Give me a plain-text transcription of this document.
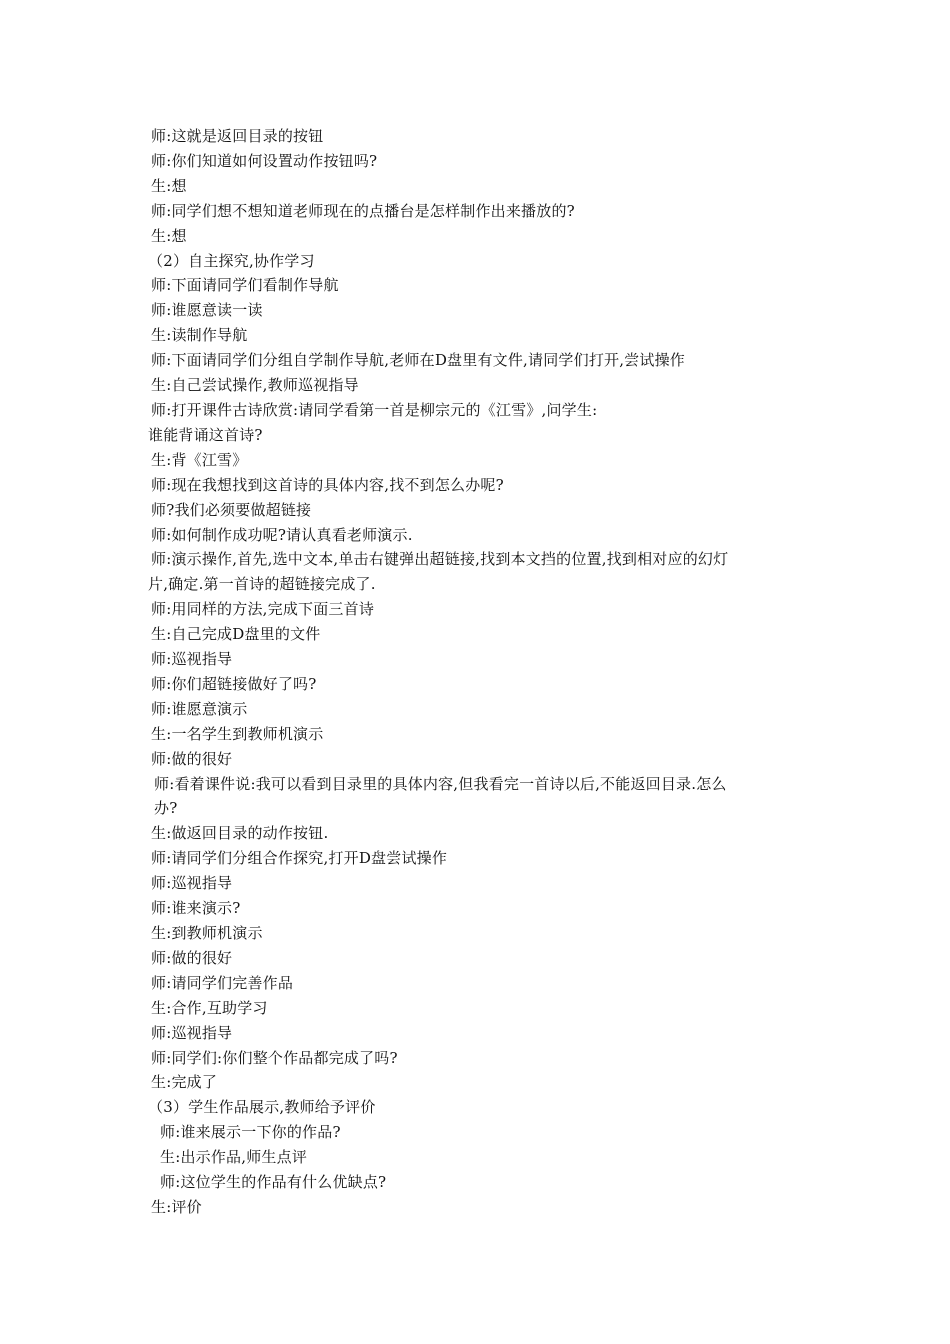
师:这就是返回目录的按钮
师:你们知道如何设置动作按钮吗?
生:想
师:同学们想不想知道老师现在的点播台是怎样制作出来播放的?
生:想
（2）自主探究,协作学习
师:下面请同学们看制作导航
师:谁愿意读一读
生:读制作导航
师:下面请同学们分组自学制作导航,老师在D盘里有文件,请同学们打开,尝试操作
生:自己尝试操作,教师巡视指导
师:打开课件古诗欣赏:请同学看第一首是柳宗元的《江雪》,问学生:
谁能背诵这首诗?
生:背《江雪》
师:现在我想找到这首诗的具体内容,找不到怎么办呢?
师?我们必须要做超链接
师:如何制作成功呢?请认真看老师演示.
师:演示操作,首先,选中文本,单击右键弹出超链接,找到本文挡的位置,找到相对应的幻灯
片,确定.第一首诗的超链接完成了.
师:用同样的方法,完成下面三首诗
生:自己完成D盘里的文件
师:巡视指导
师:你们超链接做好了吗?
师:谁愿意演示
生:一名学生到教师机演示
师:做的很好
师:看着课件说:我可以看到目录里的具体内容,但我看完一首诗以后,不能返回目录.怎么
办?
生:做返回目录的动作按钮.
师:请同学们分组合作探究,打开D盘尝试操作
师:巡视指导
师:谁来演示?
生:到教师机演示
师:做的很好
师:请同学们完善作品
生:合作,互助学习
师:巡视指导
师:同学们:你们整个作品都完成了吗?
生:完成了
（3）学生作品展示,教师给予评价
师:谁来展示一下你的作品?
生:出示作品,师生点评
师:这位学生的作品有什么优缺点?
生:评价
